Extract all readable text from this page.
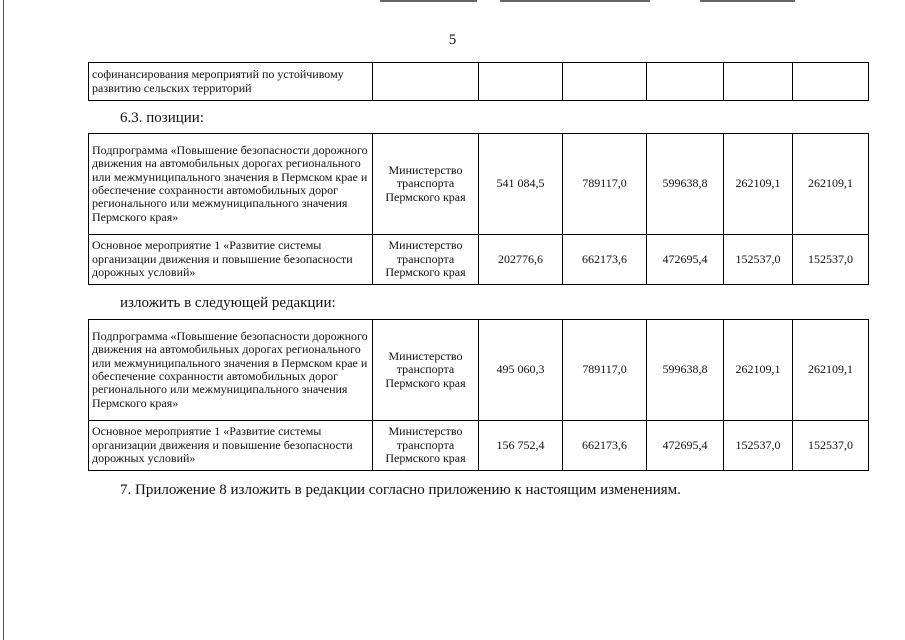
5
софинансирования мероприятий по устойчивому развитию сельских территорий						
6.3. позиции:
Подпрограмма «Повышение безопасности дорожного движения на автомобильных дорогах регионального или межмуниципального значения в Пермском крае и обеспечение сохранности автомобильных дорог регионального или межмуниципального значения Пермского края»	Министерство транспорта Пермского края	541 084,5	789117,0	599638,8	262109,1	262109,1
Основное мероприятие 1 «Развитие системы организации движения и повышение безопасности дорожных условий»	Министерство транспорта Пермского края	202776,6	662173,6	472695,4	152537,0	152537,0
изложить в следующей редакции:
Подпрограмма «Повышение безопасности дорожного движения на автомобильных дорогах регионального или межмуниципального значения в Пермском крае и обеспечение сохранности автомобильных дорог регионального или межмуниципального значения Пермского края»	Министерство транспорта Пермского края	495 060,3	789117,0	599638,8	262109,1	262109,1
Основное мероприятие 1 «Развитие системы организации движения и повышение безопасности дорожных условий»	Министерство транспорта Пермского края	156 752,4	662173,6	472695,4	152537,0	152537,0
7. Приложение 8 изложить в редакции согласно приложению к настоящим изменениям.
